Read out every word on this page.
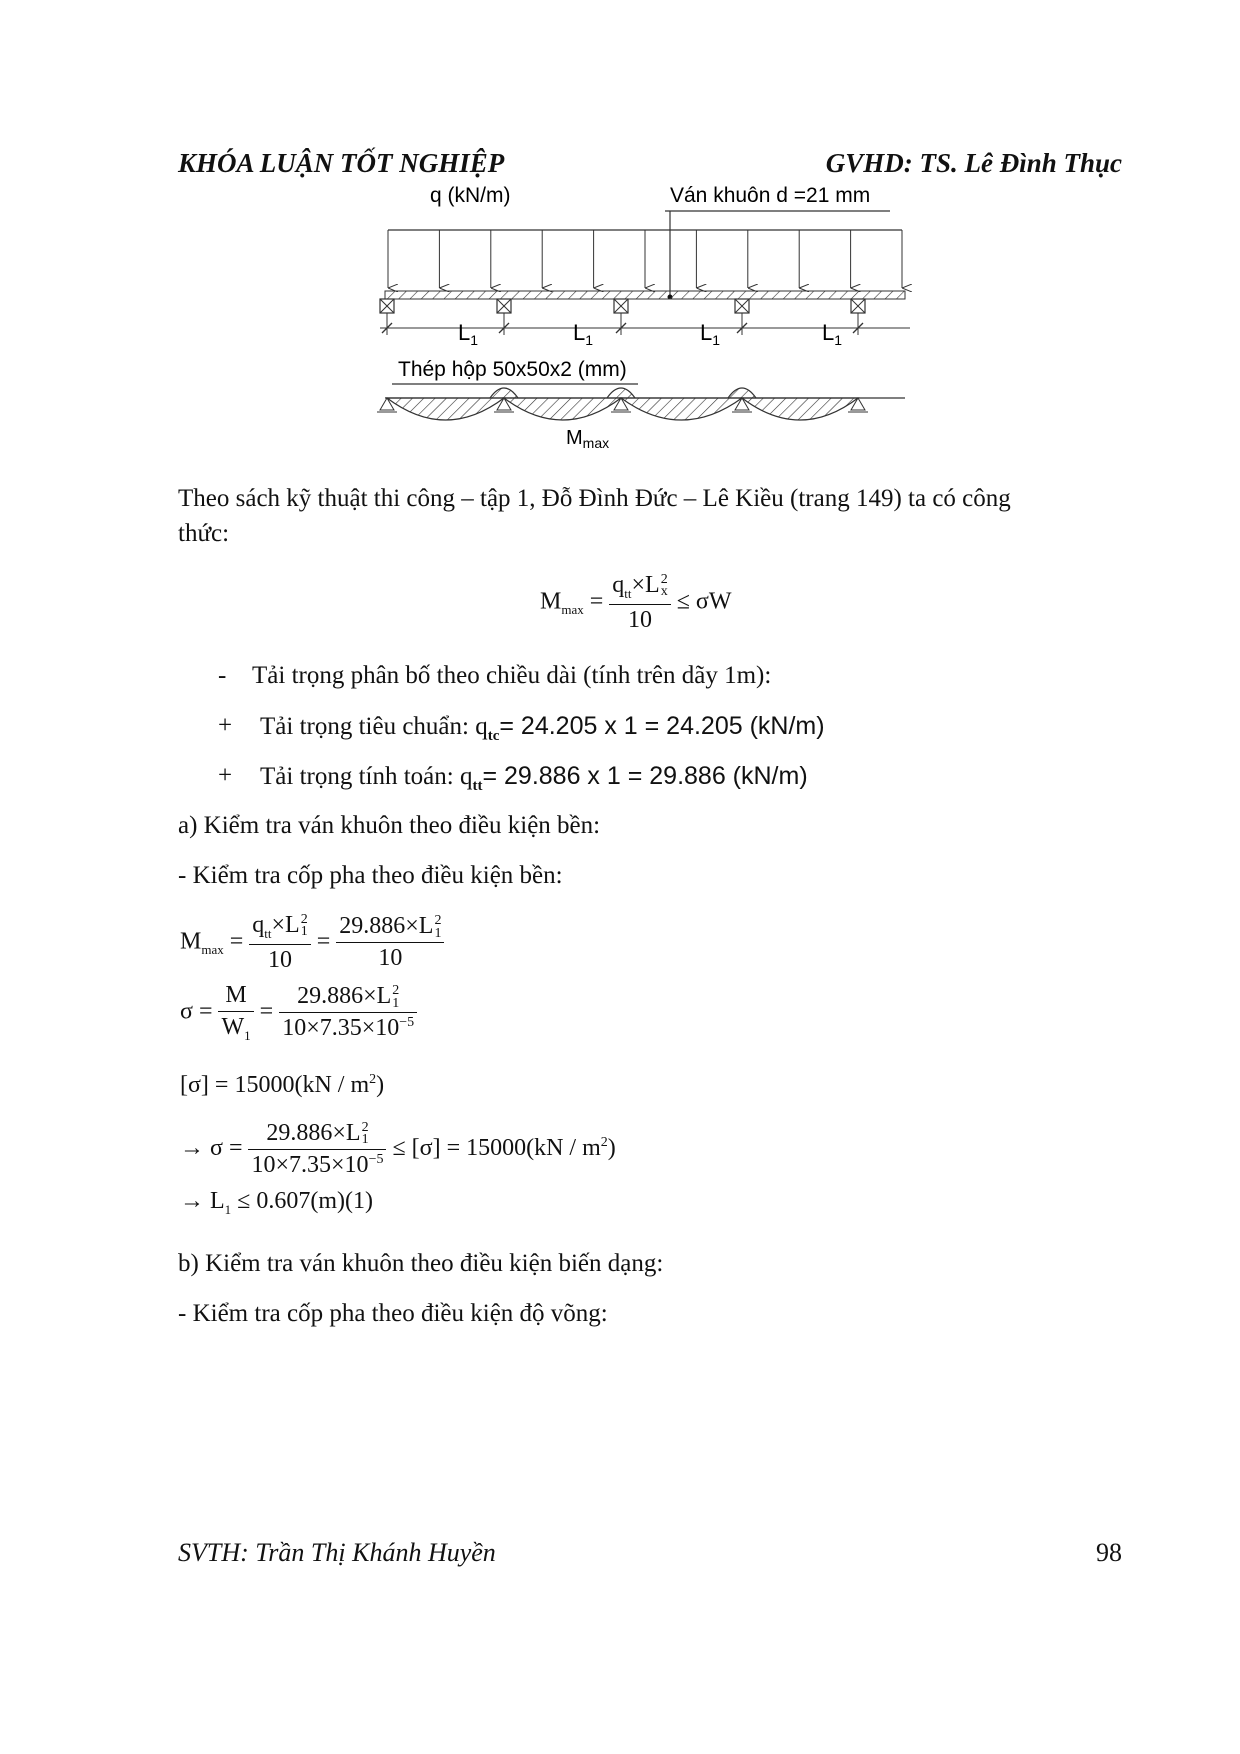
KHÓA LUẬN TỐT NGHIỆP	GVHD: TS. Lê Đình Thục
q (kN/m)	Ván khuôn d =21 mm
$L_1$	$L_1$	$L_1$	$L_1$
Thép hộp 50x50x2 (mm)
$M_{max}$
Theo sách kỹ thuật thi công – tập 1, Đỗ Đình Đức – Lê Kiều (trang 149) ta có công
thức:
$M_{max} = q_{tt}\times L$ 2
x
10 ≤ σW
- Tải trọng phân bố theo chiều dài (tính trên dãy 1m):
+ Tải trọng tiêu chuẩn: $q_{tc}= 24.205$ x 1 = 24.205 (kN/m)
+ Tải trọng tính toán: $q_{tt}= 29.886$ x 1 = 29.886 (kN/m)
a) Kiểm tra ván khuôn theo điều kiện bền:
- Kiểm tra cốp pha theo điều kiện bền:
$M_{max} = q_{tt}\times L$ 2
1
10 = 29.886×L 2
1
10
$\sigma = \frac{M}{W_1} = 29.886\times L$ 2
1
$10\times 7.35\times 10^{-5}$
$[\sigma] = 15000(kN / m^2)$
→ σ = 29.886×L 2
1
$10\times 7.35\times 10^{-5} \le [\sigma] = 15000(kN / m^2)$
→ $L_1 \le 0.607(m)(1)$
b) Kiểm tra ván khuôn theo điều kiện biến dạng:
- Kiểm tra cốp pha theo điều kiện độ võng:
SVTH: Trần Thị Khánh Huyền	98
